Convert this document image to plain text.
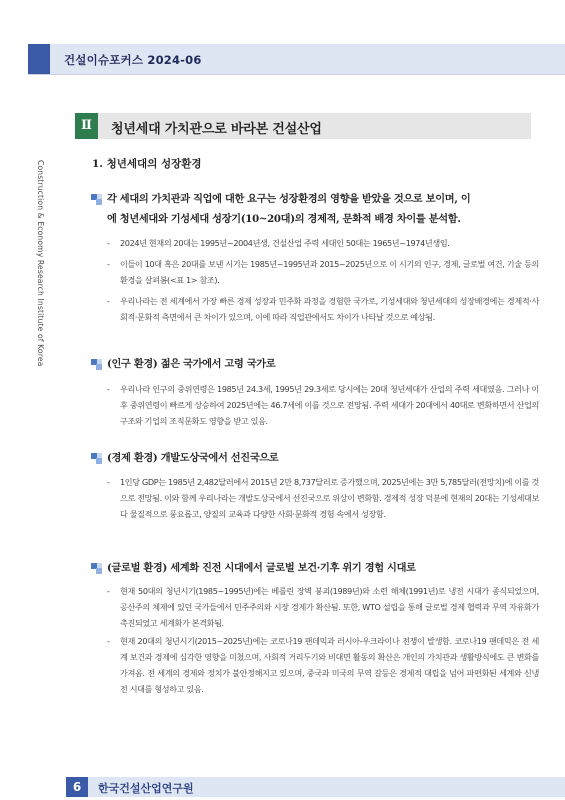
건설이슈포커스 2024-06
Construction & Economy Research Institute of Korea
Ⅱ	청년세대 가치관으로 바라본 건설산업
1. 청년세대의 성장환경
각 세대의 가치관과 직업에 대한 요구는 성장환경의 영향을 받았을 것으로 보이며, 이
에 청년세대와 기성세대 성장기(10~20대)의 경제적, 문화적 배경 차이를 분석함.
- 2024년 현재의 20대는 1995년~2004년생, 건설산업 주력 세대인 50대는 1965년~1974년생임.
- 이들이 10대 혹은 20대를 보낸 시기는 1985년~1995년과 2015~2025년으로 이 시기의 인구, 경제, 글로벌 여건, 기술 등의 환경을 살펴봄(<표 1> 참조).
- 우리나라는 전 세계에서 가장 빠른 경제 성장과 민주화 과정을 경험한 국가로, 기성세대와 청년세대의 성장배경에는 경제적·사회적·문화적 측면에서 큰 차이가 있으며, 이에 따라 직업관에서도 차이가 나타날 것으로 예상됨.
(인구 환경) 젊은 국가에서 고령 국가로
- 우리나라 인구의 중위연령은 1985년 24.3세, 1995년 29.3세로 당시에는 20대 청년세대가 산업의 주력 세대였음. 그러나 이후 중위연령이 빠르게 상승하여 2025년에는 46.7세에 이를 것으로 전망됨. 주력 세대가 20대에서 40대로 변화하면서 산업의 구조와 기업의 조직문화도 영향을 받고 있음.
(경제 환경) 개발도상국에서 선진국으로
- 1인당 GDP는 1985년 2,482달러에서 2015년 2만 8,737달러로 증가했으며, 2025년에는 3만 5,785달러(전망치)에 이를 것으로 전망됨. 이와 함께 우리나라는 개발도상국에서 선진국으로 위상이 변화함. 경제적 성장 덕분에 현재의 20대는 기성세대보다 물질적으로 풍요롭고, 양질의 교육과 다양한 사회·문화적 경험 속에서 성장함.
(글로벌 환경) 세계화 진전 시대에서 글로벌 보건·기후 위기 경험 시대로
- 현재 50대의 청년시기(1985~1995년)에는 베를린 장벽 붕괴(1989년)와 소련 해체(1991년)로 냉전 시대가 종식되었으며, 공산주의 체제에 있던 국가들에서 민주주의와 시장 경제가 확산됨. 또한, WTO 설립을 통해 글로벌 경제 협력과 무역 자유화가 촉진되었고 세계화가 본격화됨.
- 현재 20대의 청년시기(2015~2025년)에는 코로나19 팬데믹과 러시아-우크라이나 전쟁이 발생함. 코로나19 팬데믹은 전 세계 보건과 경제에 심각한 영향을 미쳤으며, 사회적 거리두기와 비대면 활동의 확산은 개인의 가치관과 생활방식에도 큰 변화를 가져옴. 전 세계의 경제와 정치가 불안정해지고 있으며, 중국과 미국의 무역 갈등은 경제적 대립을 넘어 파편화된 세계와 신냉전 시대를 형성하고 있음.
6	한국건설산업연구원
